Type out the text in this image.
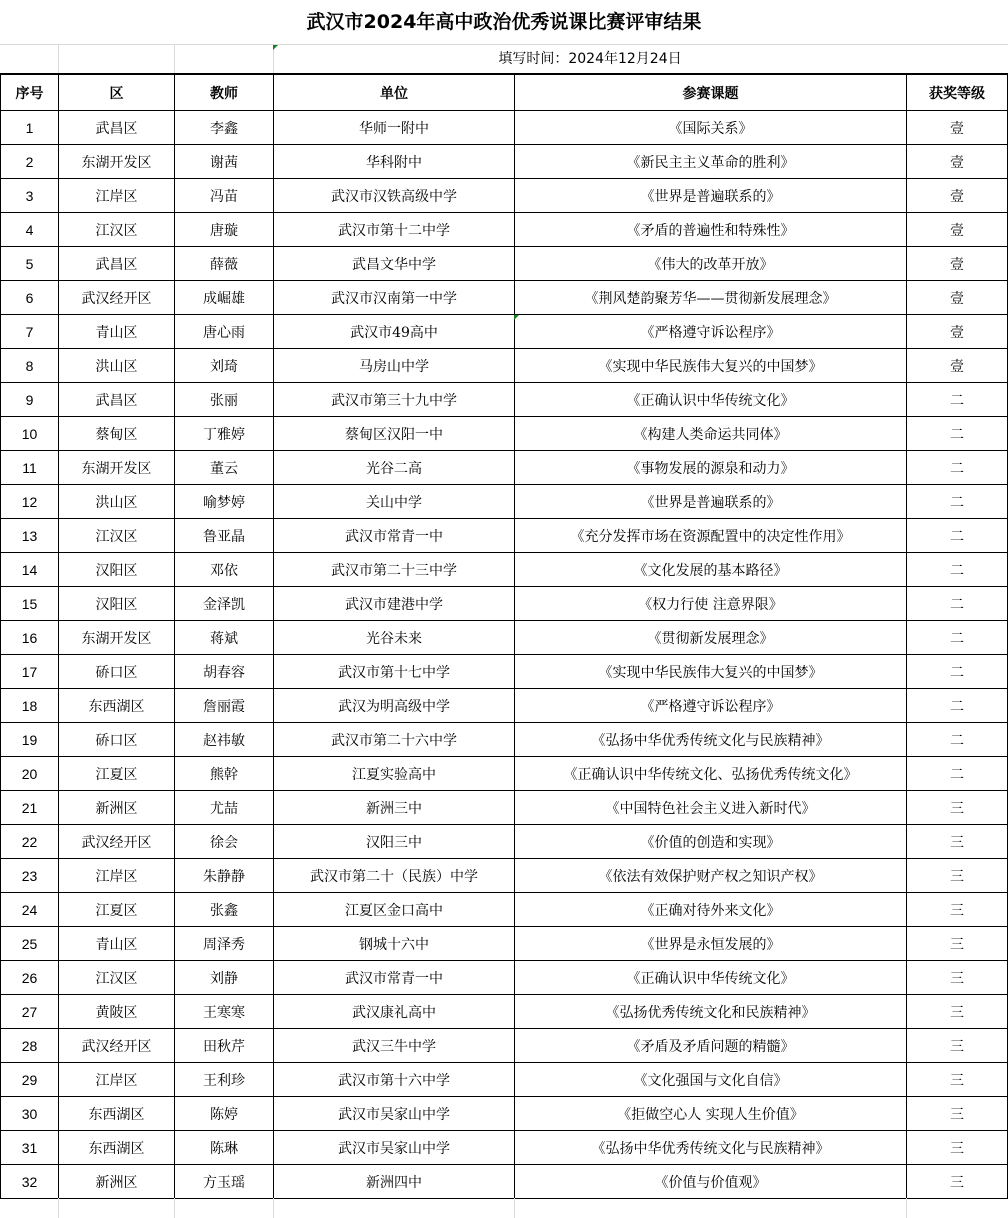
武汉市2024年高中政治优秀说课比赛评审结果
填写时间：2024年12月24日
序号	区	教师	单位	参赛课题	获奖等级
1	武昌区	李鑫	华师一附中	《国际关系》	壹
2	东湖开发区	谢茜	华科附中	《新民主主义革命的胜利》	壹
3	江岸区	冯苗	武汉市汉铁高级中学	《世界是普遍联系的》	壹
4	江汉区	唐璇	武汉市第十二中学	《矛盾的普遍性和特殊性》	壹
5	武昌区	薛薇	武昌文华中学	《伟大的改革开放》	壹
6	武汉经开区	成崛雄	武汉市汉南第一中学	《荆风楚韵聚芳华——贯彻新发展理念》	壹
7	青山区	唐心雨	武汉市49高中	《严格遵守诉讼程序》	壹
8	洪山区	刘琦	马房山中学	《实现中华民族伟大复兴的中国梦》	壹
9	武昌区	张丽	武汉市第三十九中学	《正确认识中华传统文化》	二
10	蔡甸区	丁雅婷	蔡甸区汉阳一中	《构建人类命运共同体》	二
11	东湖开发区	董云	光谷二高	《事物发展的源泉和动力》	二
12	洪山区	喻梦婷	关山中学	《世界是普遍联系的》	二
13	江汉区	鲁亚晶	武汉市常青一中	《充分发挥市场在资源配置中的决定性作用》	二
14	汉阳区	邓依	武汉市第二十三中学	《文化发展的基本路径》	二
15	汉阳区	金泽凯	武汉市建港中学	《权力行使 注意界限》	二
16	东湖开发区	蒋斌	光谷未来	《贯彻新发展理念》	二
17	硚口区	胡春容	武汉市第十七中学	《实现中华民族伟大复兴的中国梦》	二
18	东西湖区	詹丽霞	武汉为明高级中学	《严格遵守诉讼程序》	二
19	硚口区	赵祎敏	武汉市第二十六中学	《弘扬中华优秀传统文化与民族精神》	二
20	江夏区	熊幹	江夏实验高中	《正确认识中华传统文化、弘扬优秀传统文化》	二
21	新洲区	尤喆	新洲三中	《中国特色社会主义进入新时代》	三
22	武汉经开区	徐会	汉阳三中	《价值的创造和实现》	三
23	江岸区	朱静静	武汉市第二十（民族）中学	《依法有效保护财产权之知识产权》	三
24	江夏区	张鑫	江夏区金口高中	《正确对待外来文化》	三
25	青山区	周泽秀	钢城十六中	《世界是永恒发展的》	三
26	江汉区	刘静	武汉市常青一中	《正确认识中华传统文化》	三
27	黄陂区	王寒寒	武汉康礼高中	《弘扬优秀传统文化和民族精神》	三
28	武汉经开区	田秋芹	武汉三牛中学	《矛盾及矛盾问题的精髓》	三
29	江岸区	王利珍	武汉市第十六中学	《文化强国与文化自信》	三
30	东西湖区	陈婷	武汉市吴家山中学	《拒做空心人 实现人生价值》	三
31	东西湖区	陈琳	武汉市吴家山中学	《弘扬中华优秀传统文化与民族精神》	三
32	新洲区	方玉瑶	新洲四中	《价值与价值观》	三
